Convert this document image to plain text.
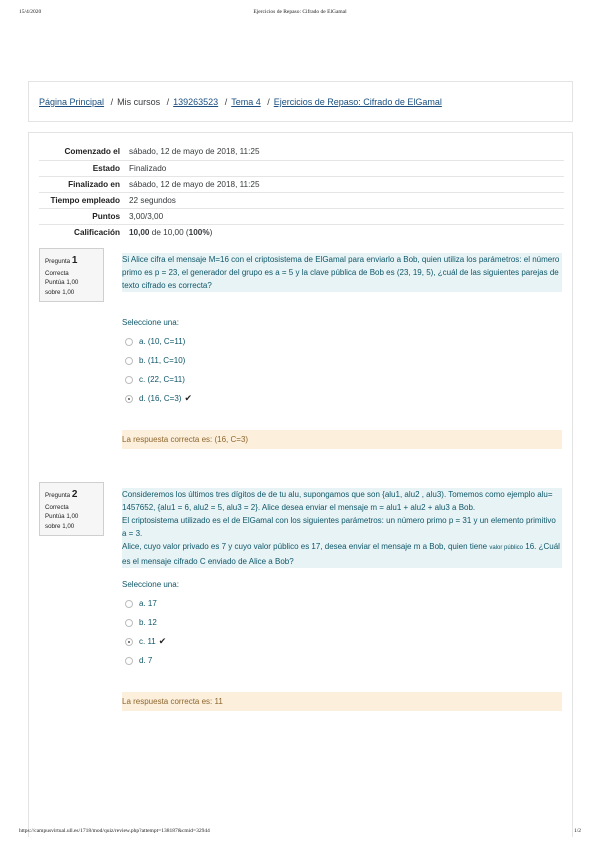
15/4/2020	Ejercicios de Repaso: Cifrado de ElGamal
Página Principal / Mis cursos / 139263523 / Tema 4 / Ejercicios de Repaso: Cifrado de ElGamal
Comenzado el	sábado, 12 de mayo de 2018, 11:25
Estado	Finalizado
Finalizado en	sábado, 12 de mayo de 2018, 11:25
Tiempo empleado	22 segundos
Puntos	3,00/3,00
Calificación	10,00 de 10,00 (100%)
Pregunta 1
Correcta
Puntúa 1,00
sobre 1,00

Si Alice cifra el mensaje M=16 con el criptosistema de ElGamal para enviarlo a Bob, quien utiliza los parámetros: el número primo es p = 23, el generador del grupo es a = 5 y la clave pública de Bob es (23, 19, 5), ¿cuál de las siguientes parejas de texto cifrado es correcta?

Seleccione una:
a. (10, C=11)
b. (11, C=10)
c. (22, C=11)
d. (16, C=3) ✔
La respuesta correcta es: (16, C=3)
Pregunta 2
Correcta
Puntúa 1,00
sobre 1,00

Consideremos los últimos tres dígitos de de tu alu, supongamos que son {alu1, alu2 , alu3). Tomemos como ejemplo alu= 1457652, {alu1 = 6, alu2 = 5, alu3 = 2}. Alice desea enviar el mensaje m = alu1 + alu2 + alu3 a Bob.

El criptosistema utilizado es el de ElGamal con los siguientes parámetros: un número primo p = 31 y un elemento primitivo a = 3.

Alice, cuyo valor privado es 7 y cuyo valor público es 17, desea enviar el mensaje m a Bob, quien tiene valor público 16. ¿Cuál es el mensaje cifrado C enviado de Alice a Bob?

Seleccione una:
a. 17
b. 12
c. 11 ✔
d. 7
La respuesta correcta es: 11
https://campusvirtual.ull.es/1718/mod/quiz/review.php?attempt=138187&cmid=32944	1/2
